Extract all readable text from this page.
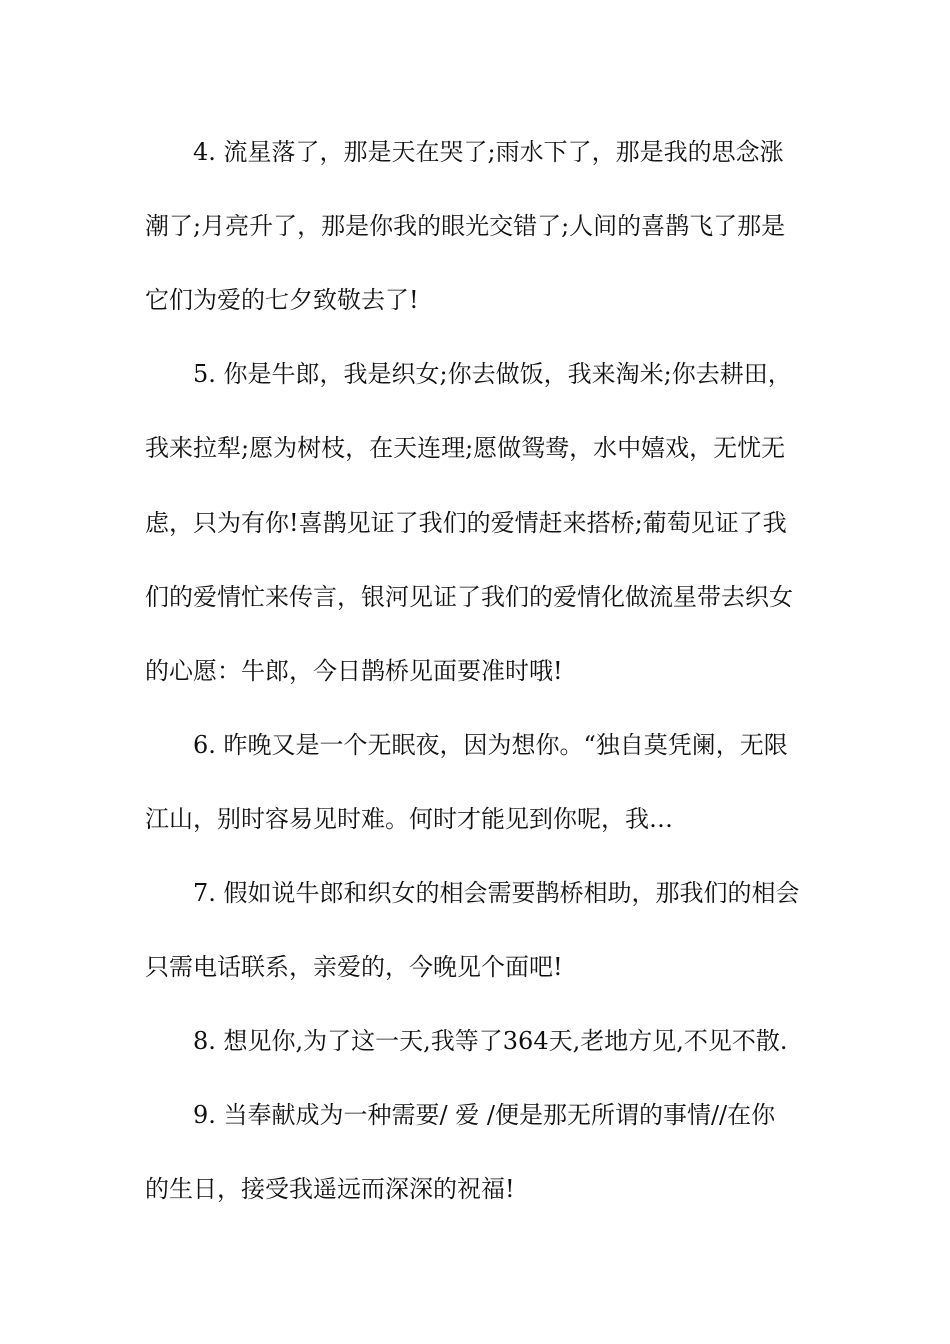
4. 流星落了，那是天在哭了;雨水下了，那是我的思念涨

潮了;月亮升了，那是你我的眼光交错了;人间的喜鹊飞了那是

它们为爱的七夕致敬去了!

5. 你是牛郎，我是织女;你去做饭，我来淘米;你去耕田，

我来拉犁;愿为树枝，在天连理;愿做鸳鸯，水中嬉戏，无忧无

虑，只为有你!喜鹊见证了我们的爱情赶来搭桥;葡萄见证了我

们的爱情忙来传言，银河见证了我们的爱情化做流星带去织女

的心愿：牛郎，今日鹊桥见面要准时哦!

6. 昨晚又是一个无眠夜，因为想你。“独自莫凭阑，无限

江山，别时容易见时难。何时才能见到你呢，我…

7. 假如说牛郎和织女的相会需要鹊桥相助，那我们的相会

只需电话联系，亲爱的，今晚见个面吧!

8. 想见你,为了这一天,我等了364天,老地方见,不见不散.

9. 当奉献成为一种需要/ 爱 /便是那无所谓的事情//在你

的生日，接受我遥远而深深的祝福!
